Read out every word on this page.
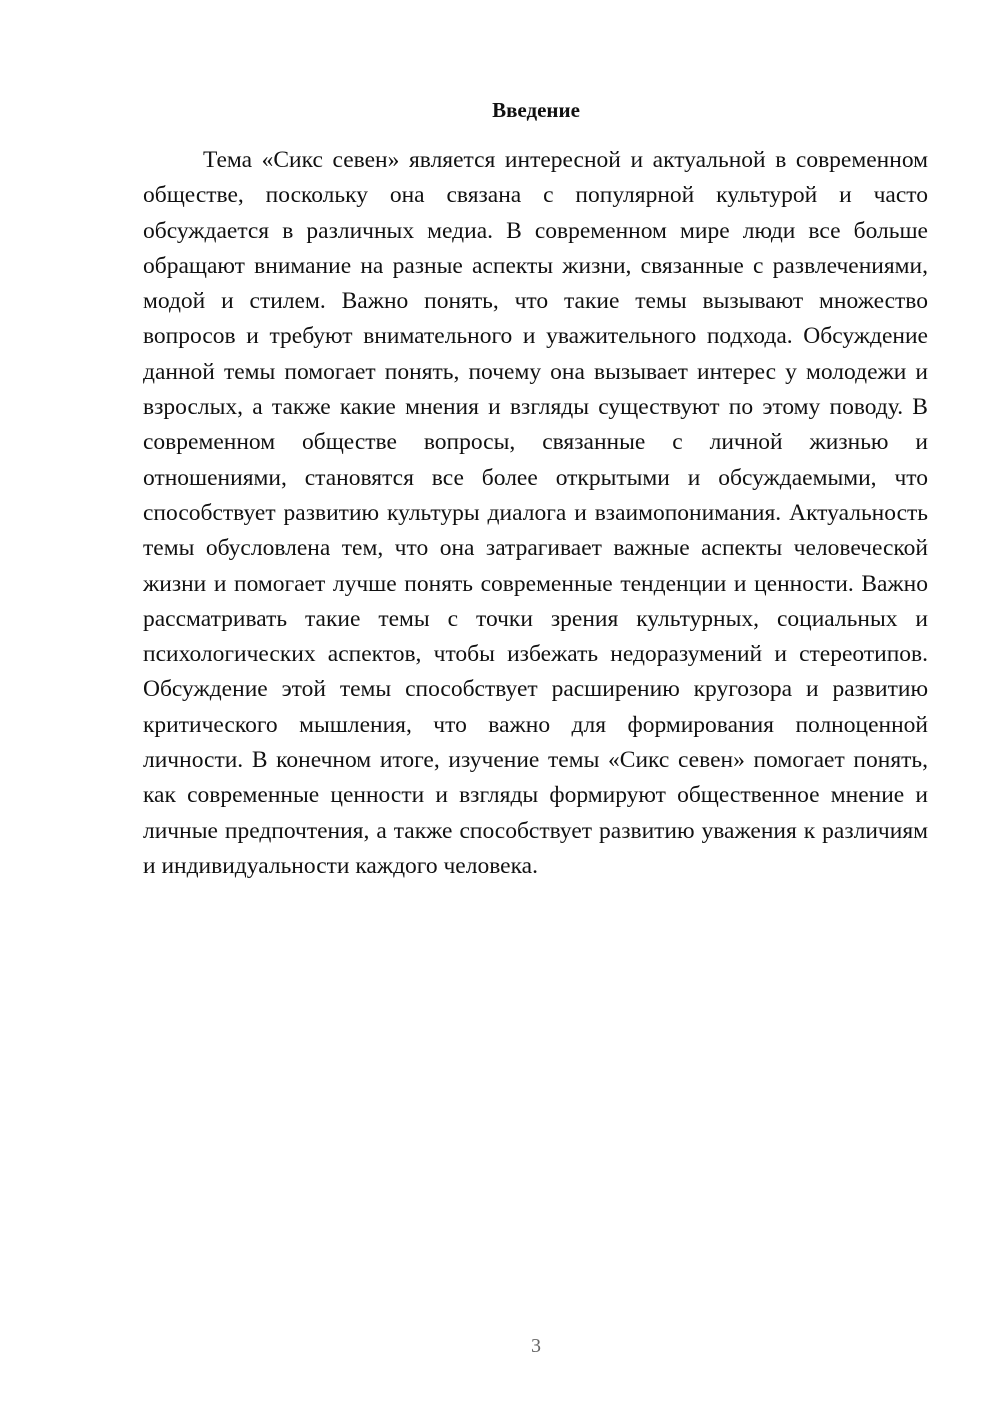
Введение

Тема «Сикс севен» является интересной и актуальной в современном обществе, поскольку она связана с популярной культурой и часто обсуждается в различных медиа. В современном мире люди все больше обращают внимание на разные аспекты жизни, связанные с развлечениями, модой и стилем. Важно понять, что такие темы вызывают множество вопросов и требуют внимательного и уважительного подхода. Обсуждение данной темы помогает понять, почему она вызывает интерес у молодежи и взрослых, а также какие мнения и взгляды существуют по этому поводу. В современном обществе вопросы, связанные с личной жизнью и отношениями, становятся все более открытыми и обсуждаемыми, что способствует развитию культуры диалога и взаимопонимания. Актуальность темы обусловлена тем, что она затрагивает важные аспекты человеческой жизни и помогает лучше понять современные тенденции и ценности. Важно рассматривать такие темы с точки зрения культурных, социальных и психологических аспектов, чтобы избежать недоразумений и стереотипов. Обсуждение этой темы способствует расширению кругозора и развитию критического мышления, что важно для формирования полноценной личности. В конечном итоге, изучение темы «Сикс севен» помогает понять, как современные ценности и взгляды формируют общественное мнение и личные предпочтения, а также способствует развитию уважения к различиям и индивидуальности каждого человека.

3
